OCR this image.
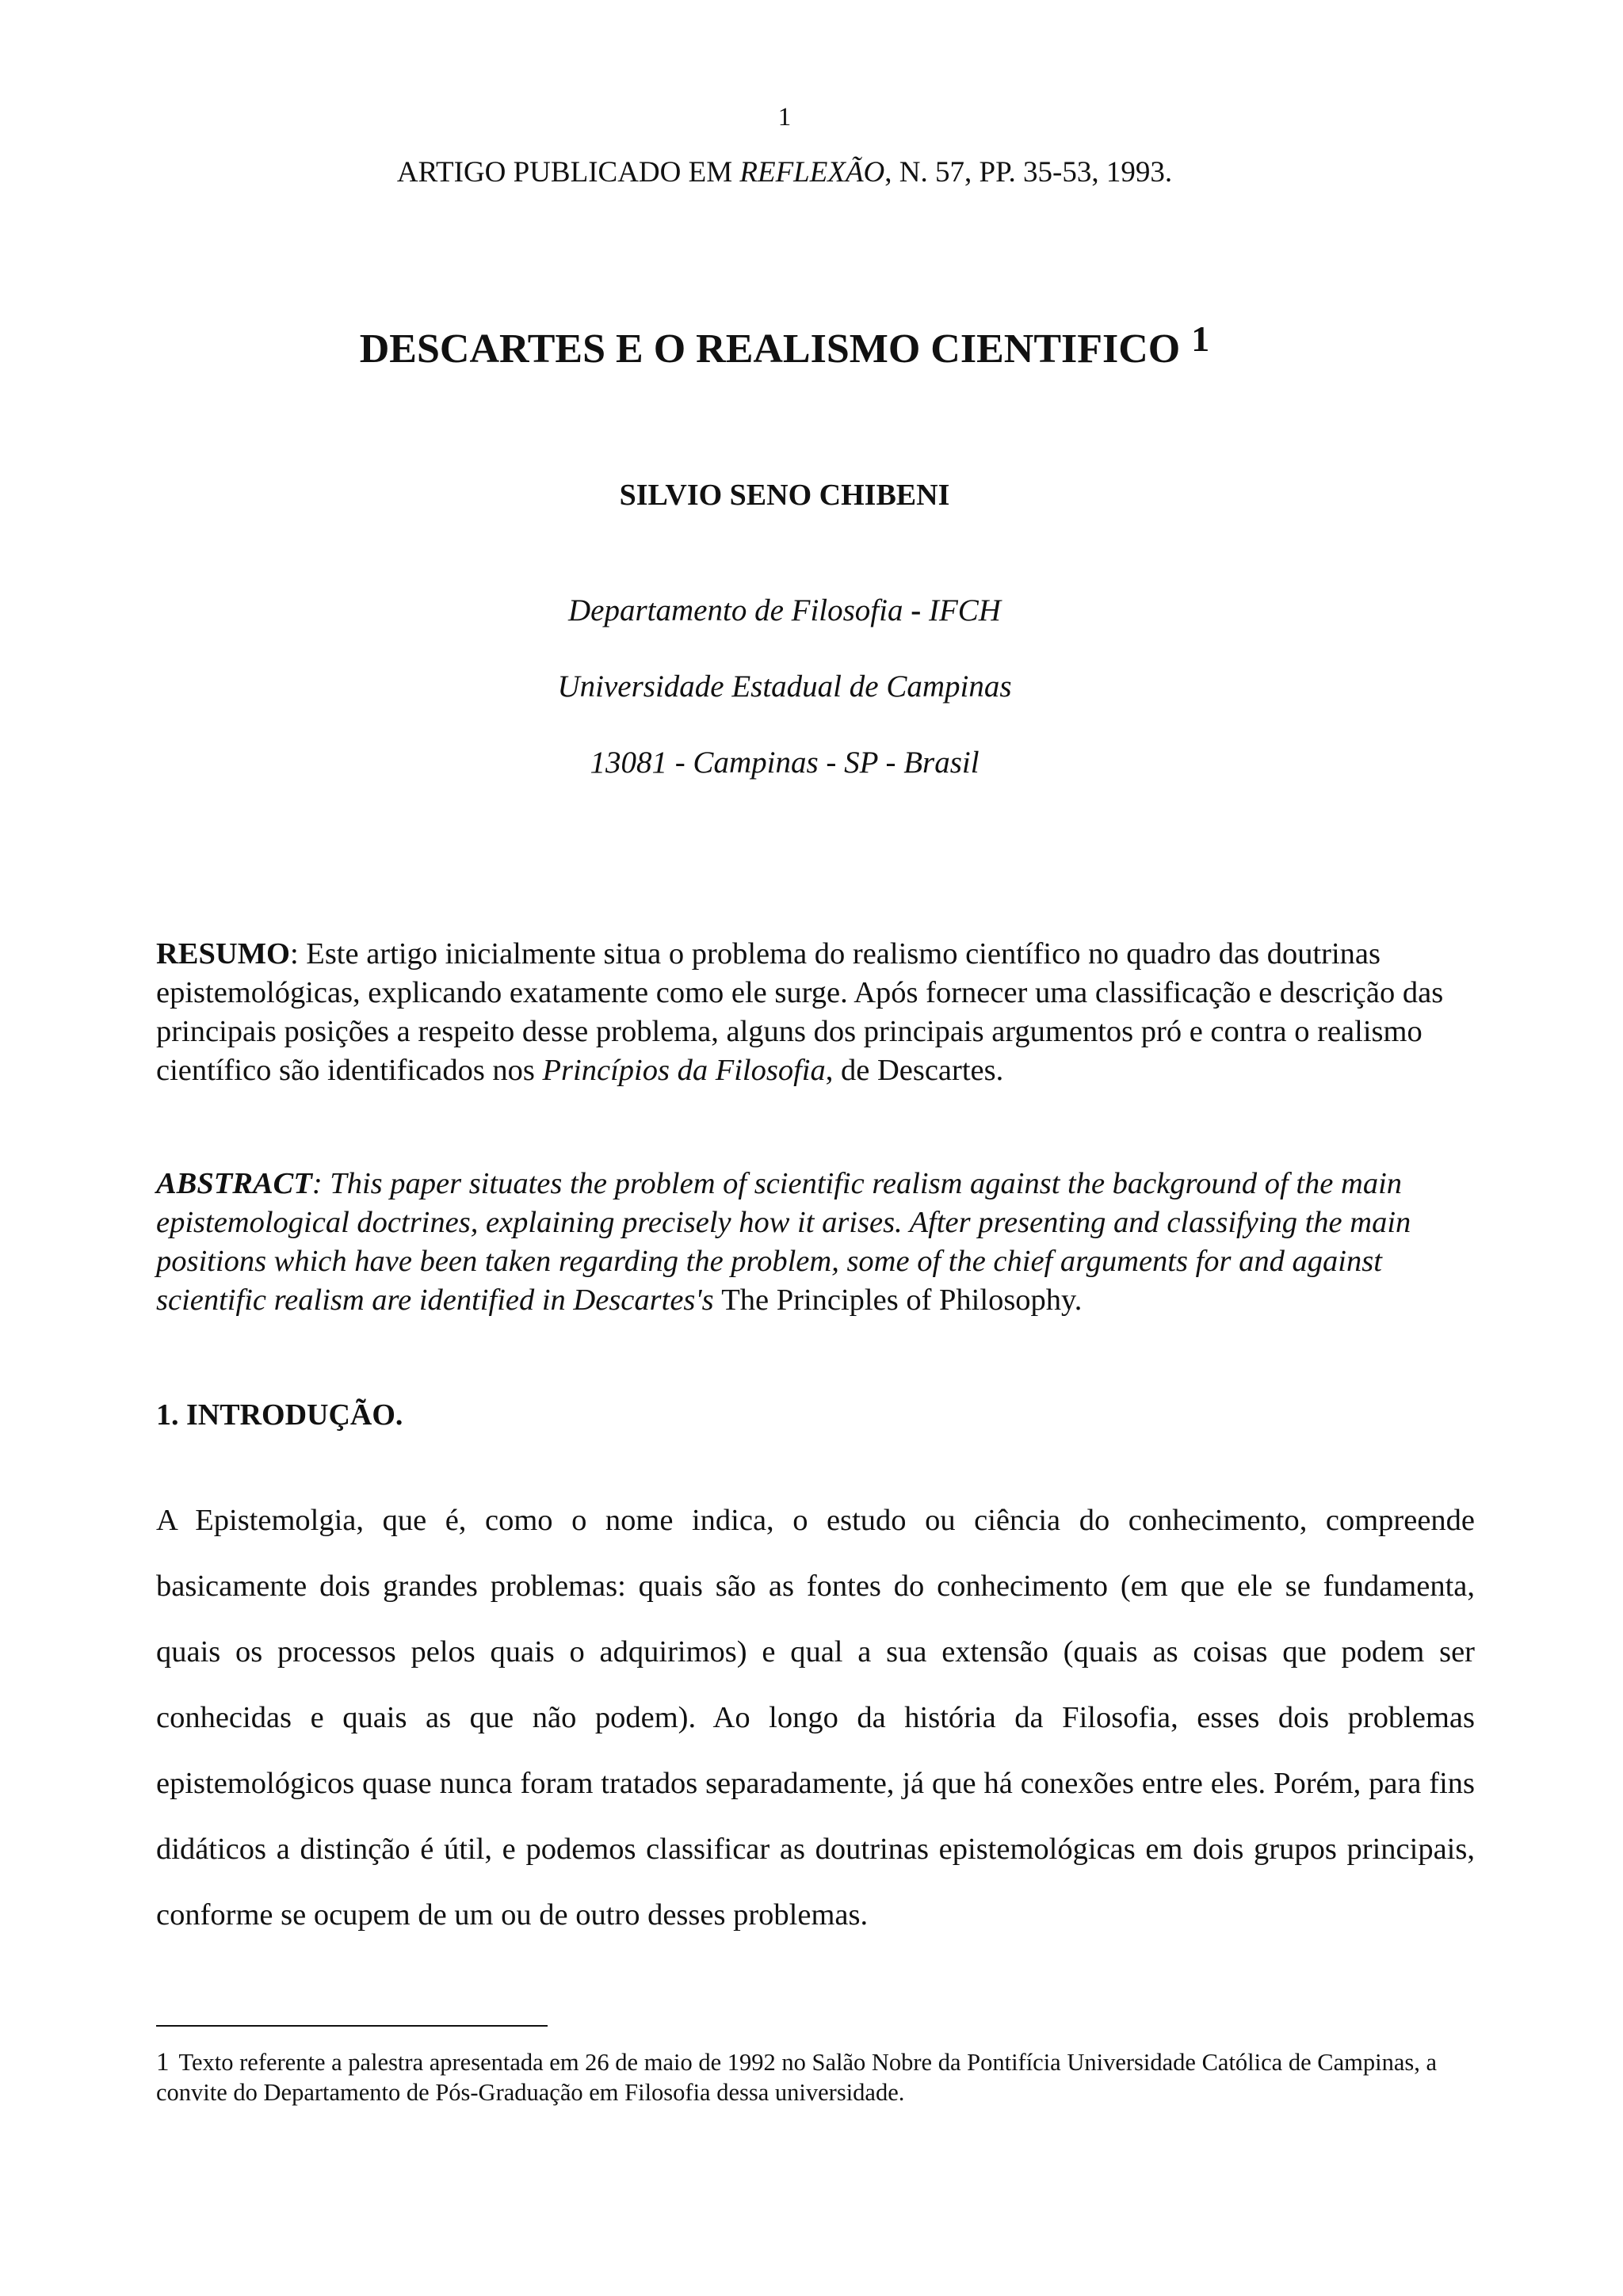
1
ARTIGO PUBLICADO EM REFLEXÃO, N. 57, PP. 35-53, 1993.
DESCARTES E O REALISMO CIENTIFICO $^1$
SILVIO SENO CHIBENI
Departamento de Filosofia - IFCH
Universidade Estadual de Campinas
13081 - Campinas - SP - Brasil
RESUMO: Este artigo inicialmente situa o problema do realismo científico no quadro das doutrinas epistemológicas, explicando exatamente como ele surge. Após fornecer uma classificação e descrição das principais posições a respeito desse problema, alguns dos principais argumentos pró e contra o realismo científico são identificados nos Princípios da Filosofia, de Descartes.
ABSTRACT: This paper situates the problem of scientific realism against the background of the main epistemological doctrines, explaining precisely how it arises. After presenting and classifying the main positions which have been taken regarding the problem, some of the chief arguments for and against scientific realism are identified in Descartes's The Principles of Philosophy.
1. INTRODUÇÃO.
A Epistemolgia, que é, como o nome indica, o estudo ou ciência do conhecimento, compreende basicamente dois grandes problemas: quais são as fontes do conhecimento (em que ele se fundamenta, quais os processos pelos quais o adquirimos) e qual a sua extensão (quais as coisas que podem ser conhecidas e quais as que não podem). Ao longo da história da Filosofia, esses dois problemas epistemológicos quase nunca foram tratados separadamente, já que há conexões entre eles. Porém, para fins didáticos a distinção é útil, e podemos classificar as doutrinas epistemológicas em dois grupos principais, conforme se ocupem de um ou de outro desses problemas.
1 Texto referente a palestra apresentada em 26 de maio de 1992 no Salão Nobre da Pontifícia Universidade Católica de Campinas, a convite do Departamento de Pós-Graduação em Filosofia dessa universidade.
